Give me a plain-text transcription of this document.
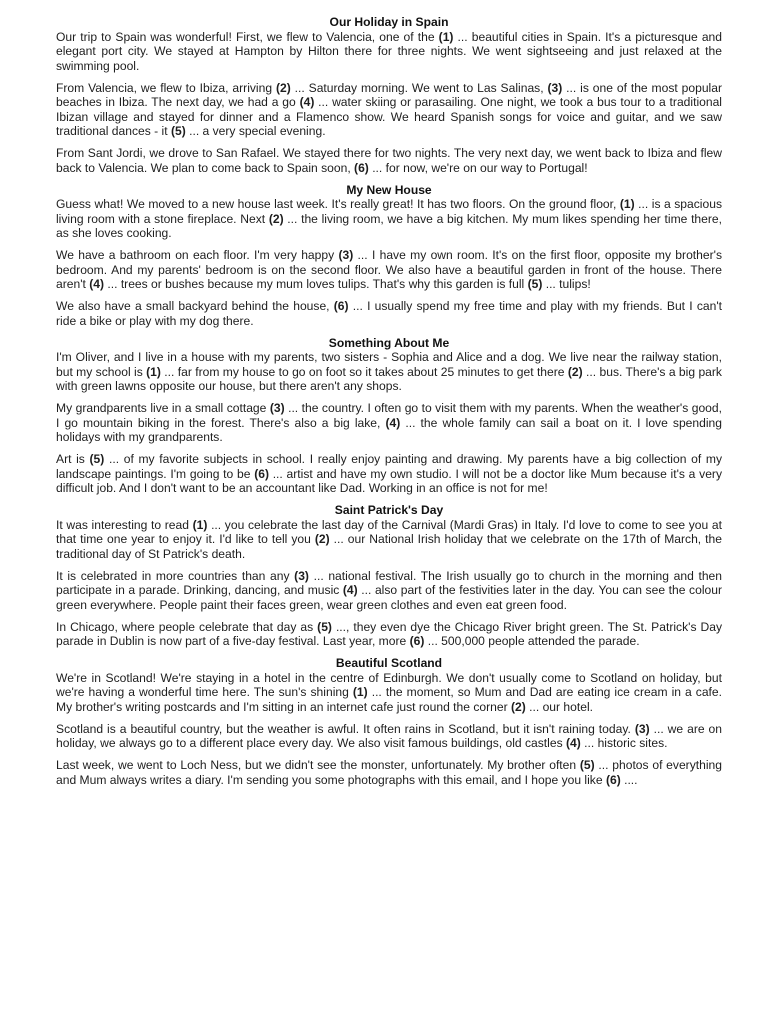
Our Holiday in Spain

Our trip to Spain was wonderful! First, we flew to Valencia, one of the (1) ... beautiful cities in Spain. It's a picturesque and elegant port city. We stayed at Hampton by Hilton there for three nights. We went sightseeing and just relaxed at the swimming pool.

From Valencia, we flew to Ibiza, arriving (2) ... Saturday morning. We went to Las Salinas, (3) ... is one of the most popular beaches in Ibiza. The next day, we had a go (4) ... water skiing or parasailing. One night, we took a bus tour to a traditional Ibizan village and stayed for dinner and a Flamenco show. We heard Spanish songs for voice and guitar, and we saw traditional dances - it (5) ... a very special evening.

From Sant Jordi, we drove to San Rafael. We stayed there for two nights. The very next day, we went back to Ibiza and flew back to Valencia. We plan to come back to Spain soon, (6) ... for now, we're on our way to Portugal!

My New House

Guess what! We moved to a new house last week. It's really great! It has two floors. On the ground floor, (1) ... is a spacious living room with a stone fireplace. Next (2) ... the living room, we have a big kitchen. My mum likes spending her time there, as she loves cooking.

We have a bathroom on each floor. I'm very happy (3) ... I have my own room. It's on the first floor, opposite my brother's bedroom. And my parents' bedroom is on the second floor. We also have a beautiful garden in front of the house. There aren't (4) ... trees or bushes because my mum loves tulips. That's why this garden is full (5) ... tulips!

We also have a small backyard behind the house, (6) ... I usually spend my free time and play with my friends. But I can't ride a bike or play with my dog there.

Something About Me

I'm Oliver, and I live in a house with my parents, two sisters - Sophia and Alice and a dog. We live near the railway station, but my school is (1) ... far from my house to go on foot so it takes about 25 minutes to get there (2) ... bus. There's a big park with green lawns opposite our house, but there aren't any shops.

My grandparents live in a small cottage (3) ... the country. I often go to visit them with my parents. When the weather's good, I go mountain biking in the forest. There's also a big lake, (4) ... the whole family can sail a boat on it. I love spending holidays with my grandparents.

Art is (5) ... of my favorite subjects in school. I really enjoy painting and drawing. My parents have a big collection of my landscape paintings. I'm going to be (6) ... artist and have my own studio. I will not be a doctor like Mum because it's a very difficult job. And I don't want to be an accountant like Dad. Working in an office is not for me!

Saint Patrick's Day

It was interesting to read (1) ... you celebrate the last day of the Carnival (Mardi Gras) in Italy. I'd love to come to see you at that time one year to enjoy it. I'd like to tell you (2) ... our National Irish holiday that we celebrate on the 17th of March, the traditional day of St Patrick's death.

It is celebrated in more countries than any (3) ... national festival. The Irish usually go to church in the morning and then participate in a parade. Drinking, dancing, and music (4) ... also part of the festivities later in the day. You can see the colour green everywhere. People paint their faces green, wear green clothes and even eat green food.

In Chicago, where people celebrate that day as (5) ..., they even dye the Chicago River bright green. The St. Patrick's Day parade in Dublin is now part of a five-day festival. Last year, more (6) ... 500,000 people attended the parade.

Beautiful Scotland

We're in Scotland! We're staying in a hotel in the centre of Edinburgh. We don't usually come to Scotland on holiday, but we're having a wonderful time here. The sun's shining (1) ... the moment, so Mum and Dad are eating ice cream in a cafe. My brother's writing postcards and I'm sitting in an internet cafe just round the corner (2) ... our hotel.

Scotland is a beautiful country, but the weather is awful. It often rains in Scotland, but it isn't raining today. (3) ... we are on holiday, we always go to a different place every day. We also visit famous buildings, old castles (4) ... historic sites.

Last week, we went to Loch Ness, but we didn't see the monster, unfortunately. My brother often (5) ... photos of everything and Mum always writes a diary. I'm sending you some photographs with this email, and I hope you like (6) ....
